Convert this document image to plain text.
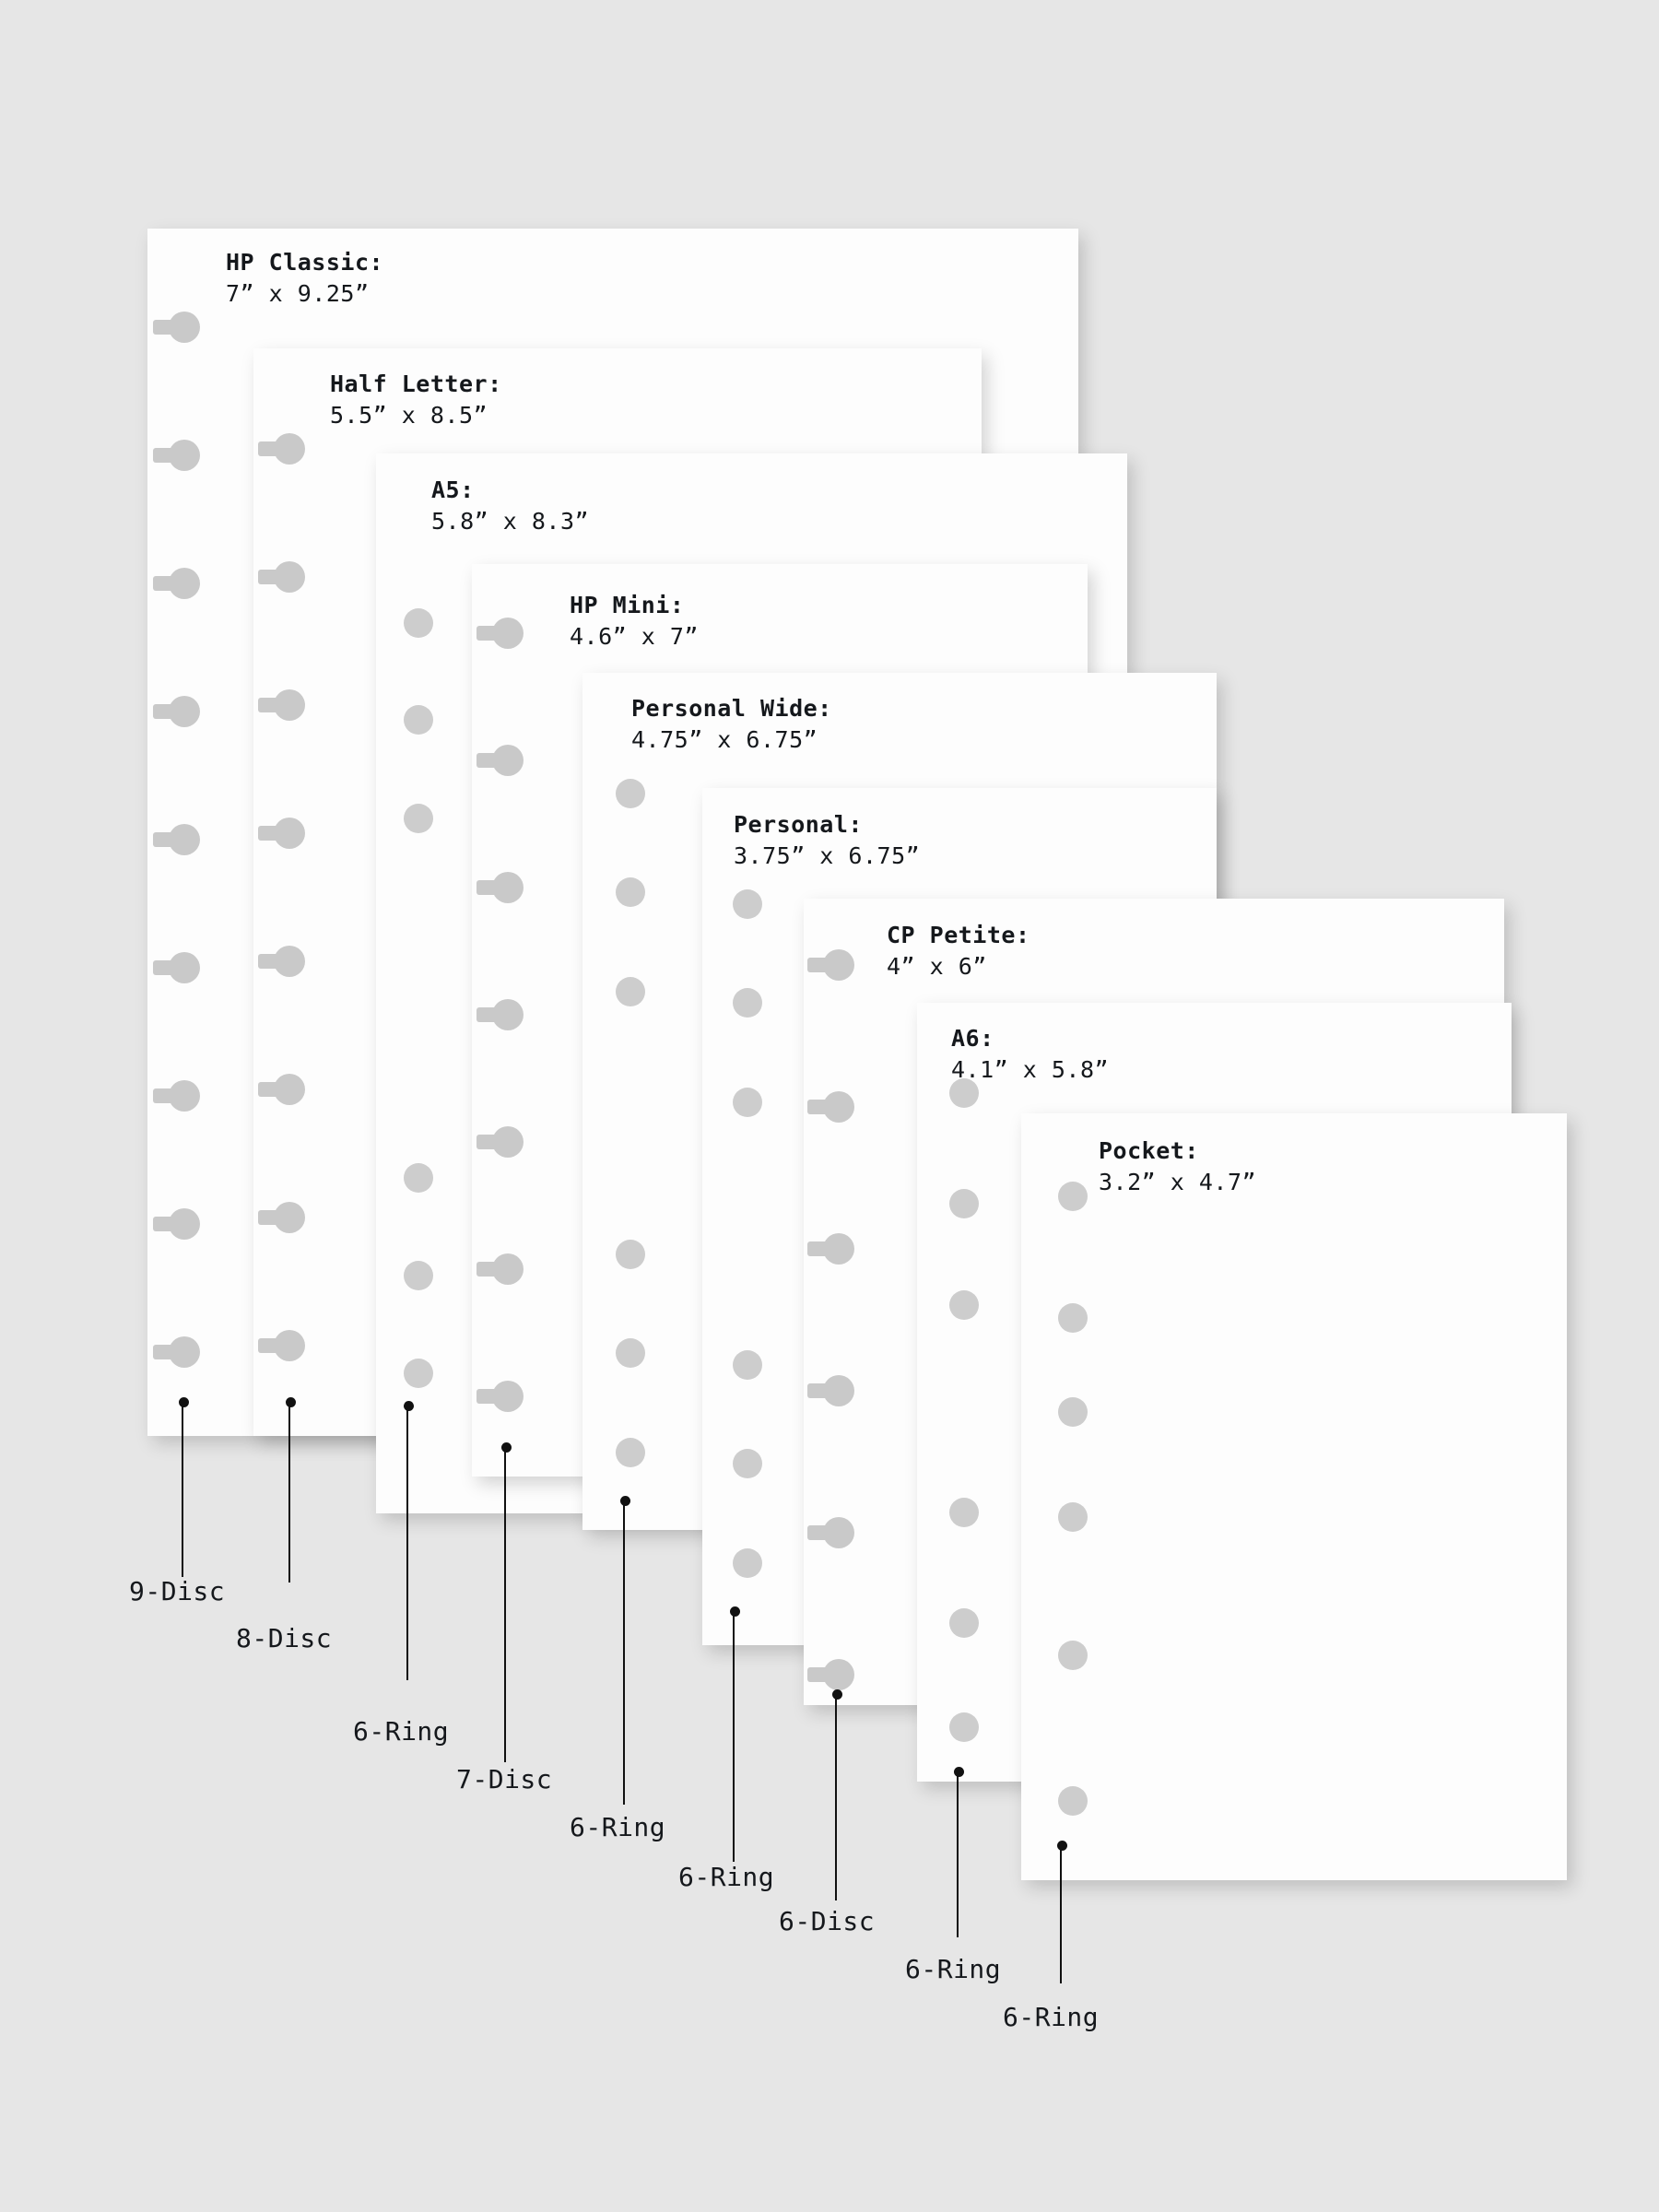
HP Classic:
7” x 9.25”
Half Letter:
5.5” x 8.5”
A5:
5.8” x 8.3”
HP Mini:
4.6” x 7”
Personal Wide:
4.75” x 6.75”
Personal:
3.75” x 6.75”
CP Petite:
4” x 6”
A6:
4.1” x 5.8”
Pocket:
3.2” x 4.7”
9-Disc
8-Disc
6-Ring
7-Disc
6-Ring
6-Ring
6-Disc
6-Ring
6-Ring
